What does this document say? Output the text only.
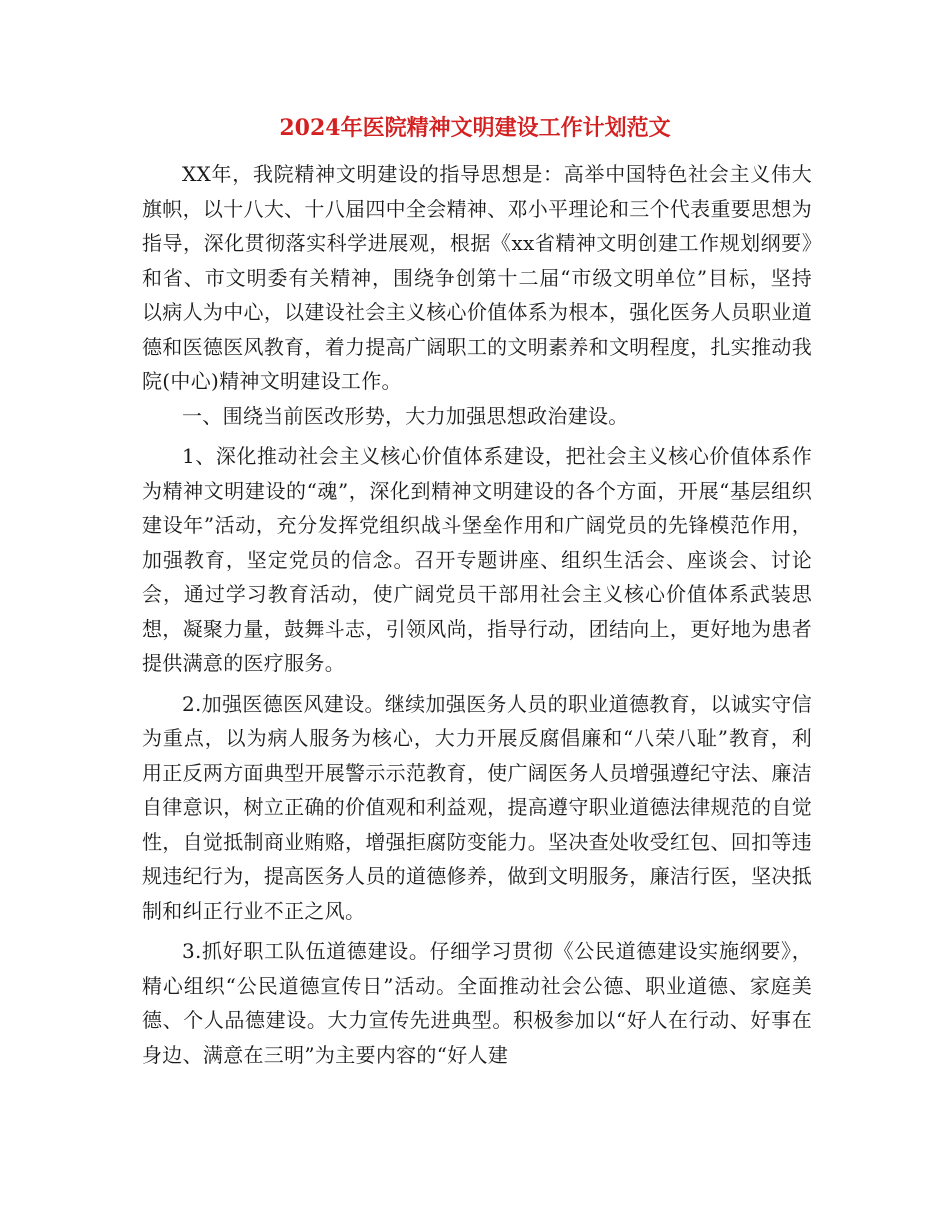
2024年医院精神文明建设工作计划范文

XX年，我院精神文明建设的指导思想是：高举中国特色社会主义伟大旗帜，以十八大、十八届四中全会精神、邓小平理论和三个代表重要思想为指导，深化贯彻落实科学进展观，根据《xx省精神文明创建工作规划纲要》和省、市文明委有关精神，围绕争创第十二届“市级文明单位”目标，坚持以病人为中心，以建设社会主义核心价值体系为根本，强化医务人员职业道德和医德医风教育，着力提高广阔职工的文明素养和文明程度，扎实推动我院(中心)精神文明建设工作。

一、围绕当前医改形势，大力加强思想政治建设。

1、深化推动社会主义核心价值体系建设，把社会主义核心价值体系作为精神文明建设的“魂”，深化到精神文明建设的各个方面，开展“基层组织建设年”活动，充分发挥党组织战斗堡垒作用和广阔党员的先锋模范作用，加强教育，坚定党员的信念。召开专题讲座、组织生活会、座谈会、讨论会，通过学习教育活动，使广阔党员干部用社会主义核心价值体系武装思想，凝聚力量，鼓舞斗志，引领风尚，指导行动，团结向上，更好地为患者提供满意的医疗服务。

2.加强医德医风建设。继续加强医务人员的职业道德教育，以诚实守信为重点，以为病人服务为核心，大力开展反腐倡廉和“八荣八耻”教育，利用正反两方面典型开展警示示范教育，使广阔医务人员增强遵纪守法、廉洁自律意识，树立正确的价值观和利益观，提高遵守职业道德法律规范的自觉性，自觉抵制商业贿赂，增强拒腐防变能力。坚决查处收受红包、回扣等违规违纪行为，提高医务人员的道德修养，做到文明服务，廉洁行医，坚决抵制和纠正行业不正之风。

3.抓好职工队伍道德建设。仔细学习贯彻《公民道德建设实施纲要》，精心组织“公民道德宣传日”活动。全面推动社会公德、职业道德、家庭美德、个人品德建设。大力宣传先进典型。积极参加以“好人在行动、好事在身边、满意在三明”为主要内容的“好人建
